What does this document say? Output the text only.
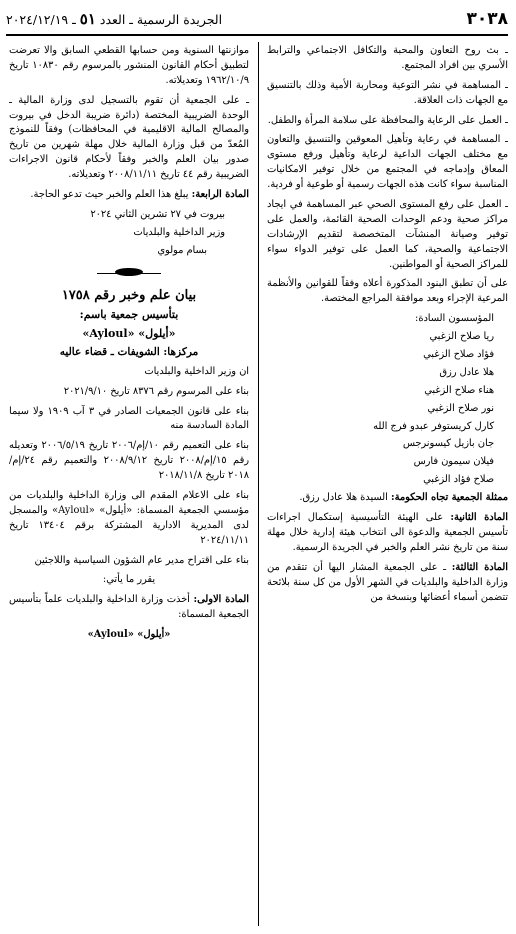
٣٠٣٨
الجريدة الرسمية ـ العدد ٥١ ـ ٢٠٢٤/١٢/١٩

ـ بث روح التعاون والمحبة والتكافل الاجتماعي والترابط الأسري بين افراد المجتمع.

ـ المساهمة في نشر التوعية ومحاربة الأمية وذلك بالتنسيق مع الجهات ذات العلاقة.

ـ العمل على الرعاية والمحافظة على سلامة المرأة والطفل.

ـ المساهمة في رعاية وتأهيل المعوقين والتنسيق والتعاون مع مختلف الجهات الداعية لرعاية وتأهيل ورفع مستوى المعاق وإدماجه في المجتمع من خلال توفير الامكانيات المناسبة سواء كانت هذه الجهات رسمية أو طوعية أو فردية.

ـ العمل على رفع المستوى الصحي عبر المساهمة في ايجاد مراكز صحية ودعم الوحدات الصحية القائمة، والعمل على توفير وصيانة المنشآت المتخصصة لتقديم الإرشادات الاجتماعية والصحية، كما العمل على توفير الدواء سواء للمراكز الصحية أو المواطنين.

على أن تطبق البنود المذكورة أعلاه وفقاً للقوانين والأنظمة المرعية الإجراء وبعد موافقة المراجع المختصة.

المؤسسون السادة:

ريا صلاح الزغبي

فؤاد صلاح الزغبي

هلا عادل رزق

هناء صلاح الزغبي

نور صلاح الزغبي

كارل كريستوفر عبدو فرج الله

جان بازيل كيسونرجس

فيلان سيمون فارس

صلاح فؤاد الزغبي

ممثلة الجمعية تجاه الحكومة: السيدة هلا عادل رزق.

المادة الثانية: على الهيئة التأسيسية إستكمال اجراءات تأسيس الجمعية والدعوة الى انتخاب هيئة إدارية خلال مهلة سنة من تاريخ نشر العلم والخبر في الجريدة الرسمية.

المادة الثالثة: ـ على الجمعية المشار اليها أن تتقدم من وزارة الداخلية والبلديات في الشهر الأول من كل سنة بلائحة تتضمن أسماء أعضائها وبنسخة من

موازنتها السنوية ومن حسابها القطعي السابق والا تعرضت لتطبيق أحكام القانون المنشور بالمرسوم رقم ١٠٨٣٠ تاريخ ١٩٦٢/١٠/٩ وتعديلاته.

ـ على الجمعية أن تقوم بالتسجيل لدى وزارة المالية ـ الوحدة الضريبية المختصة (دائرة ضريبة الدخل في بيروت والمصالح المالية الاقليمية في المحافظات) وفقاً للنموذج المُعدّ من قبل وزارة المالية خلال مهلة شهرين من تاريخ صدور بيان العلم والخبر وفقاً لأحكام قانون الاجراءات الضريبية رقم ٤٤ تاريخ ٢٠٠٨/١١/١١ وتعديلاته.

المادة الرابعة: يبلغ هذا العلم والخبر حيث تدعو الحاجة.

بيروت في ٢٧ تشرين الثاني ٢٠٢٤

وزير الداخلية والبلديات

بسام مولوي

بيان علم وخبر رقم ١٧٥٨
بتأسيس جمعية باسم:
«أيلول» «Ayloul»
مركزها: الشويفات ـ قضاء عاليه

ان وزير الداخلية والبلديات

بناء على المرسوم رقم ٨٣٧٦ تاريخ ٢٠٢١/٩/١٠

بناء على قانون الجمعيات الصادر في ٣ آب ١٩٠٩ ولا سيما المادة السادسة منه

بناء على التعميم رقم ١٠/إم/٢٠٠٦ تاريخ ٢٠٠٦/٥/١٩ وتعديله رقم ١٥/إم/٢٠٠٨ تاريخ ٢٠٠٨/٩/١٢ والتعميم رقم ٢٤/إم/٢٠١٨ تاريخ ٢٠١٨/١١/٨

بناء على الاعلام المقدم الى وزارة الداخلية والبلديات من مؤسسي الجمعية المسماة: «أيلول» «Ayloul» والمسجل لدى المديرية الادارية المشتركة برقم ١٣٤٠٤ تاريخ ٢٠٢٤/١١/١١

بناء على اقتراح مدير عام الشؤون السياسية واللاجئين

يقرر ما يأتي:

المادة الاولى: أخذت وزارة الداخلية والبلديات علماً بتأسيس الجمعية المسماة:

«أيلول» «Ayloul»
